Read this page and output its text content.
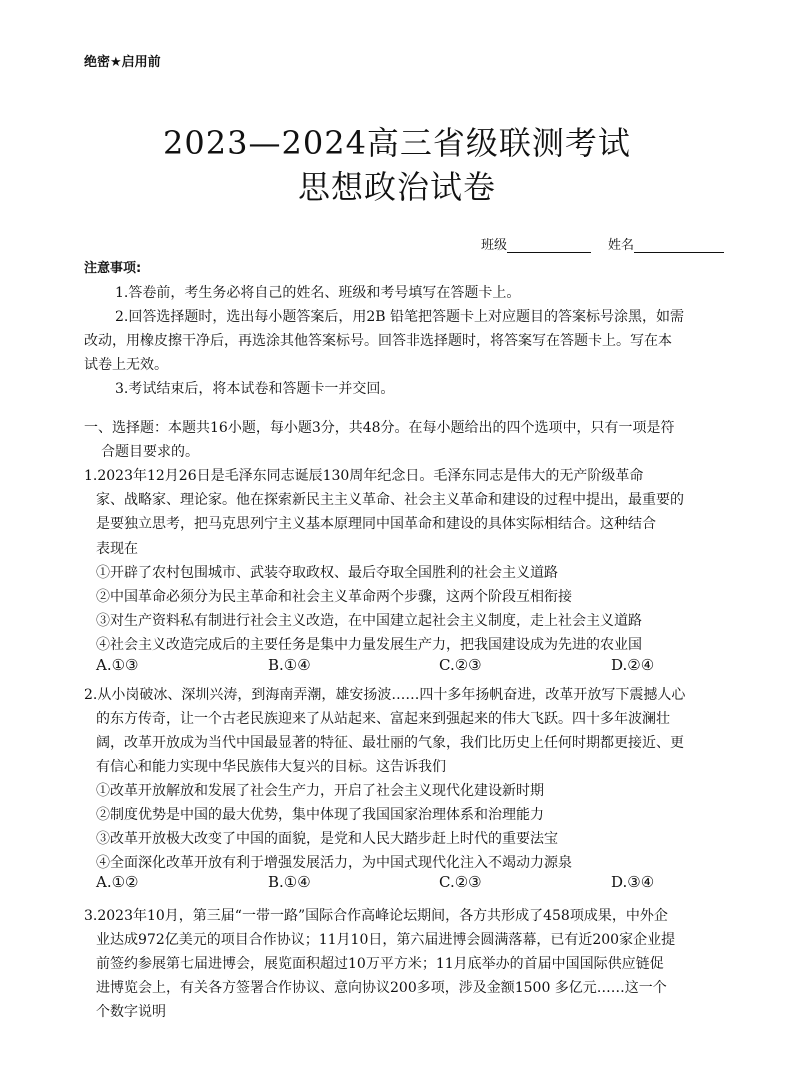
绝密★启用前
2023—2024高三省级联测考试
思想政治试卷
班级	姓名
注意事项:
1.答卷前，考生务必将自己的姓名、班级和考号填写在答题卡上。
2.回答选择题时，选出每小题答案后，用2B 铅笔把答题卡上对应题目的答案标号涂黑，如需
改动，用橡皮擦干净后，再选涂其他答案标号。回答非选择题时，将答案写在答题卡上。写在本
试卷上无效。
3.考试结束后，将本试卷和答题卡一并交回。
一、选择题：本题共16小题，每小题3分，共48分。在每小题给出的四个选项中，只有一项是符
合题目要求的。
1.2023年12月26日是毛泽东同志诞辰130周年纪念日。毛泽东同志是伟大的无产阶级革命
家、战略家、理论家。他在探索新民主主义革命、社会主义革命和建设的过程中提出，最重要的
是要独立思考，把马克思列宁主义基本原理同中国革命和建设的具体实际相结合。这种结合
表现在
①开辟了农村包围城市、武装夺取政权、最后夺取全国胜利的社会主义道路
②中国革命必须分为民主革命和社会主义革命两个步骤，这两个阶段互相衔接
③对生产资料私有制进行社会主义改造，在中国建立起社会主义制度，走上社会主义道路
④社会主义改造完成后的主要任务是集中力量发展生产力，把我国建设成为先进的农业国
A.①③	B.①④	C.②③	D.②④
2.从小岗破冰、深圳兴涛，到海南弄潮，雄安扬波……四十多年扬帆奋进，改革开放写下震撼人心
的东方传奇，让一个古老民族迎来了从站起来、富起来到强起来的伟大飞跃。四十多年波澜壮
阔，改革开放成为当代中国最显著的特征、最壮丽的气象，我们比历史上任何时期都更接近、更
有信心和能力实现中华民族伟大复兴的目标。这告诉我们
①改革开放解放和发展了社会生产力，开启了社会主义现代化建设新时期
②制度优势是中国的最大优势，集中体现了我国国家治理体系和治理能力
③改革开放极大改变了中国的面貌，是党和人民大踏步赶上时代的重要法宝
④全面深化改革开放有利于增强发展活力，为中国式现代化注入不竭动力源泉
A.①②	B.①④	C.②③	D.③④
3.2023年10月，第三届“一带一路”国际合作高峰论坛期间，各方共形成了458项成果，中外企
业达成972亿美元的项目合作协议；11月10日，第六届进博会圆满落幕，已有近200家企业提
前签约参展第七届进博会，展览面积超过10万平方米；11月底举办的首届中国国际供应链促
进博览会上，有关各方签署合作协议、意向协议200多项，涉及金额1500 多亿元……这一个
个数字说明
